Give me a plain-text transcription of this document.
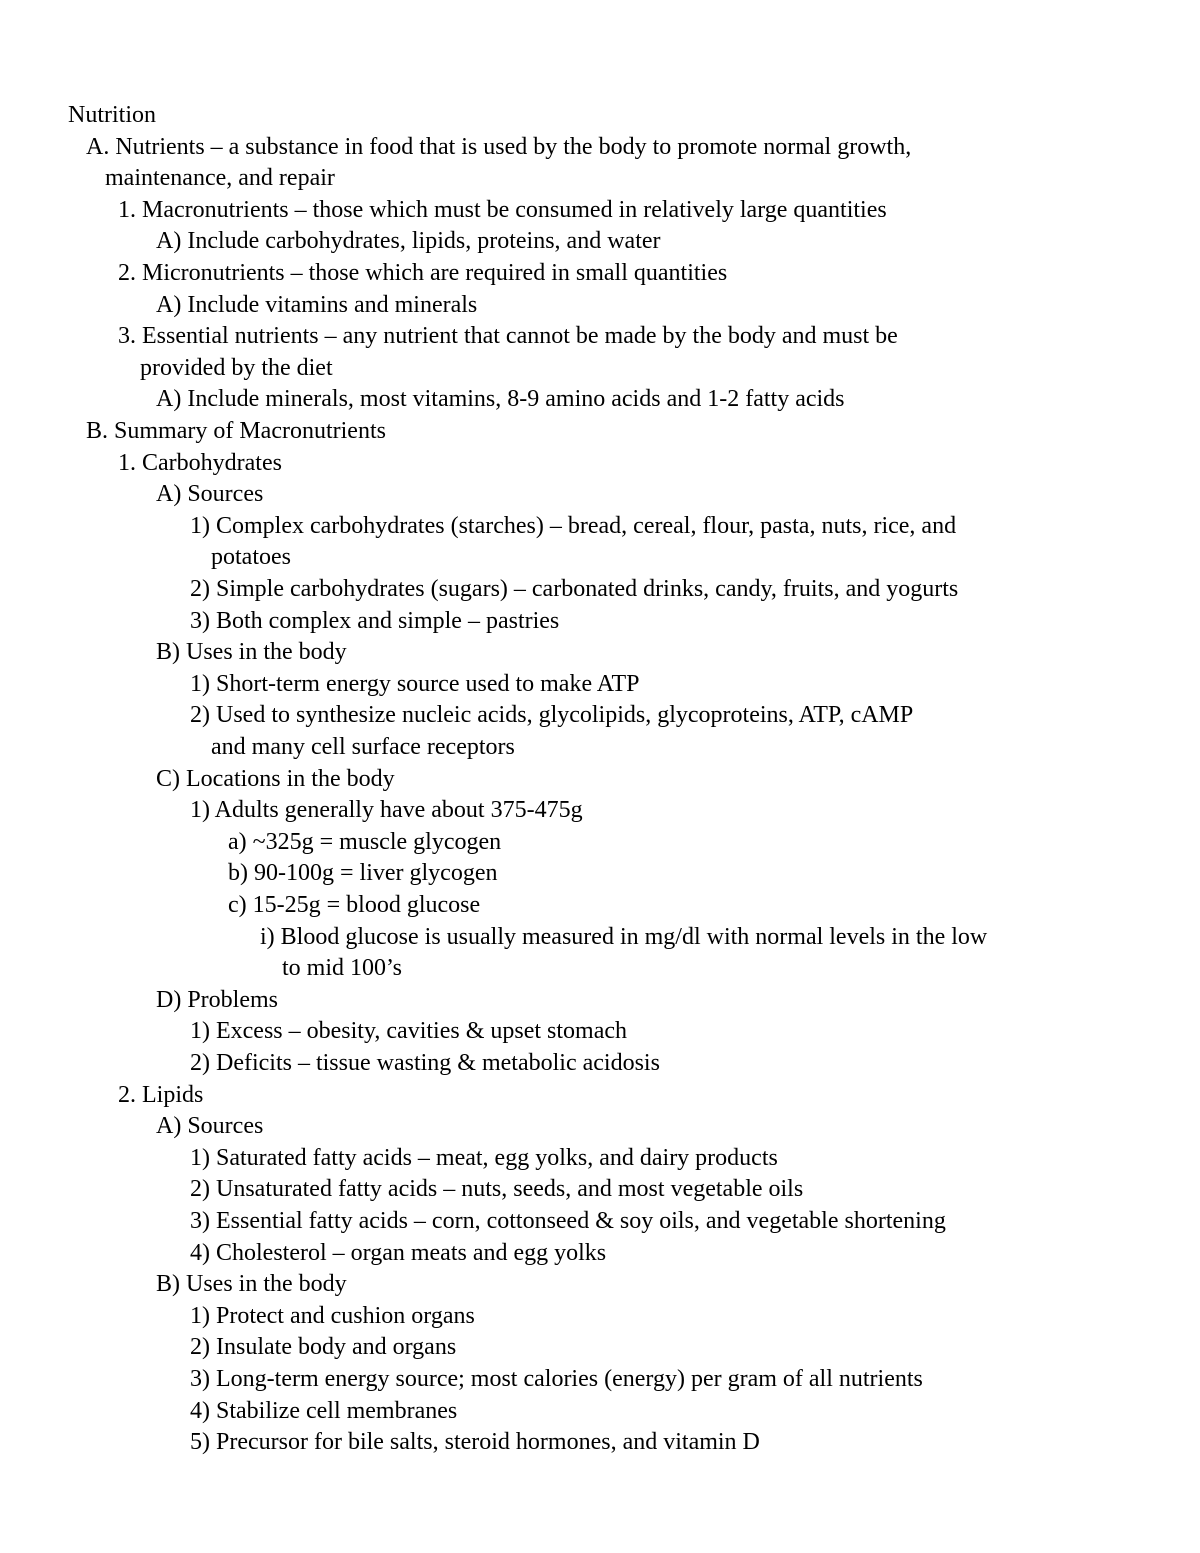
Nutrition
A. Nutrients – a substance in food that is used by the body to promote normal growth,
maintenance, and repair
1. Macronutrients – those which must be consumed in relatively large quantities
A) Include carbohydrates, lipids, proteins, and water
2. Micronutrients – those which are required in small quantities
A) Include vitamins and minerals
3. Essential nutrients – any nutrient that cannot be made by the body and must be
provided by the diet
A) Include minerals, most vitamins, 8-9 amino acids and 1-2 fatty acids
B. Summary of Macronutrients
1. Carbohydrates
A) Sources
1) Complex carbohydrates (starches) – bread, cereal, flour, pasta, nuts, rice, and
potatoes
2) Simple carbohydrates (sugars) – carbonated drinks, candy, fruits, and yogurts
3) Both complex and simple – pastries
B) Uses in the body
1) Short-term energy source used to make ATP
2) Used to synthesize nucleic acids, glycolipids, glycoproteins, ATP, cAMP
and many cell surface receptors
C) Locations in the body
1) Adults generally have about 375-475g
a) ~325g = muscle glycogen
b) 90-100g = liver glycogen
c) 15-25g = blood glucose
i) Blood glucose is usually measured in mg/dl with normal levels in the low
to mid 100’s
D) Problems
1) Excess – obesity, cavities & upset stomach
2) Deficits – tissue wasting & metabolic acidosis
2. Lipids
A) Sources
1) Saturated fatty acids – meat, egg yolks, and dairy products
2) Unsaturated fatty acids – nuts, seeds, and most vegetable oils
3) Essential fatty acids – corn, cottonseed & soy oils, and vegetable shortening
4) Cholesterol – organ meats and egg yolks
B) Uses in the body
1) Protect and cushion organs
2) Insulate body and organs
3) Long-term energy source; most calories (energy) per gram of all nutrients
4) Stabilize cell membranes
5) Precursor for bile salts, steroid hormones, and vitamin D
